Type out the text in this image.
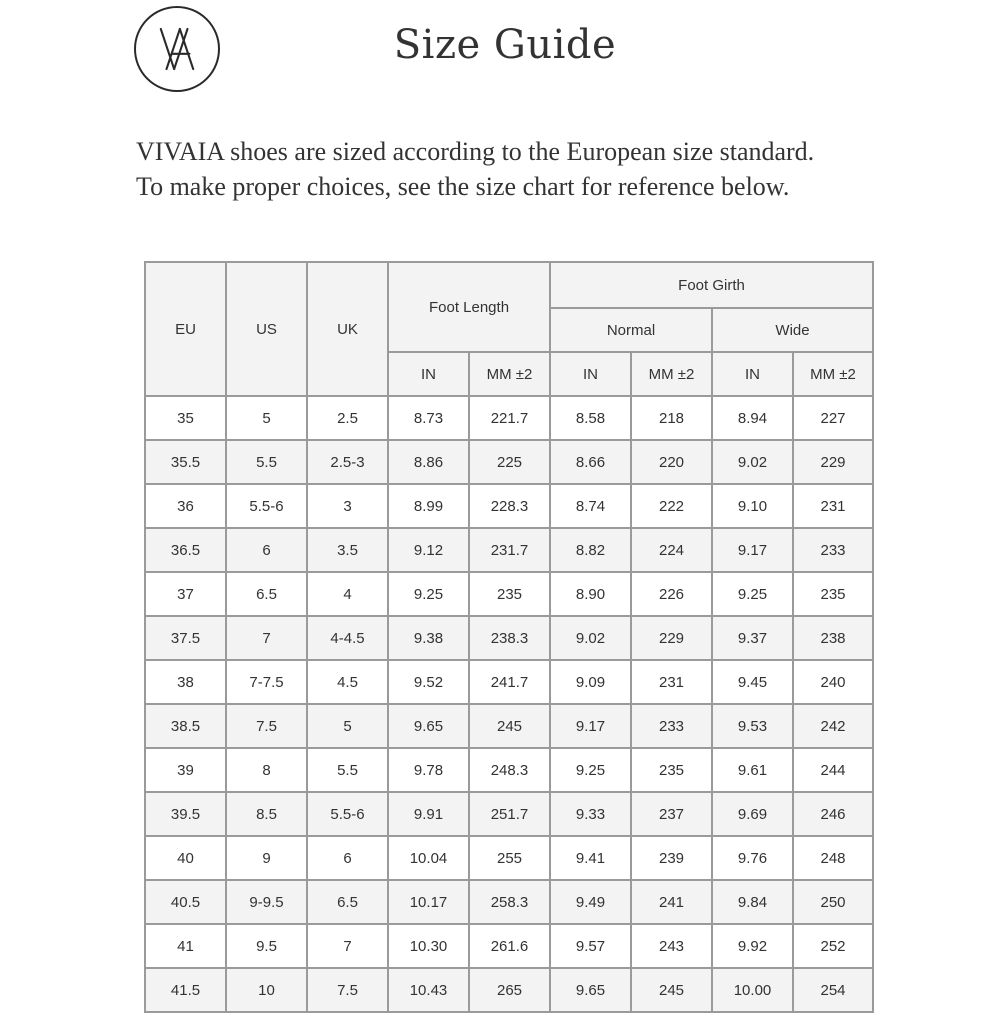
Size Guide
VIVAIA shoes are sized according to the European size standard.
To make proper choices, see the size chart for reference below.
EU	US	UK	Foot Length		Foot Girth			
					Normal		Wide	
			IN	MM ±2	IN	MM ±2	IN	MM ±2
35	5	2.5	8.73	221.7	8.58	218	8.94	227
35.5	5.5	2.5-3	8.86	225	8.66	220	9.02	229
36	5.5-6	3	8.99	228.3	8.74	222	9.10	231
36.5	6	3.5	9.12	231.7	8.82	224	9.17	233
37	6.5	4	9.25	235	8.90	226	9.25	235
37.5	7	4-4.5	9.38	238.3	9.02	229	9.37	238
38	7-7.5	4.5	9.52	241.7	9.09	231	9.45	240
38.5	7.5	5	9.65	245	9.17	233	9.53	242
39	8	5.5	9.78	248.3	9.25	235	9.61	244
39.5	8.5	5.5-6	9.91	251.7	9.33	237	9.69	246
40	9	6	10.04	255	9.41	239	9.76	248
40.5	9-9.5	6.5	10.17	258.3	9.49	241	9.84	250
41	9.5	7	10.30	261.6	9.57	243	9.92	252
41.5	10	7.5	10.43	265	9.65	245	10.00	254
